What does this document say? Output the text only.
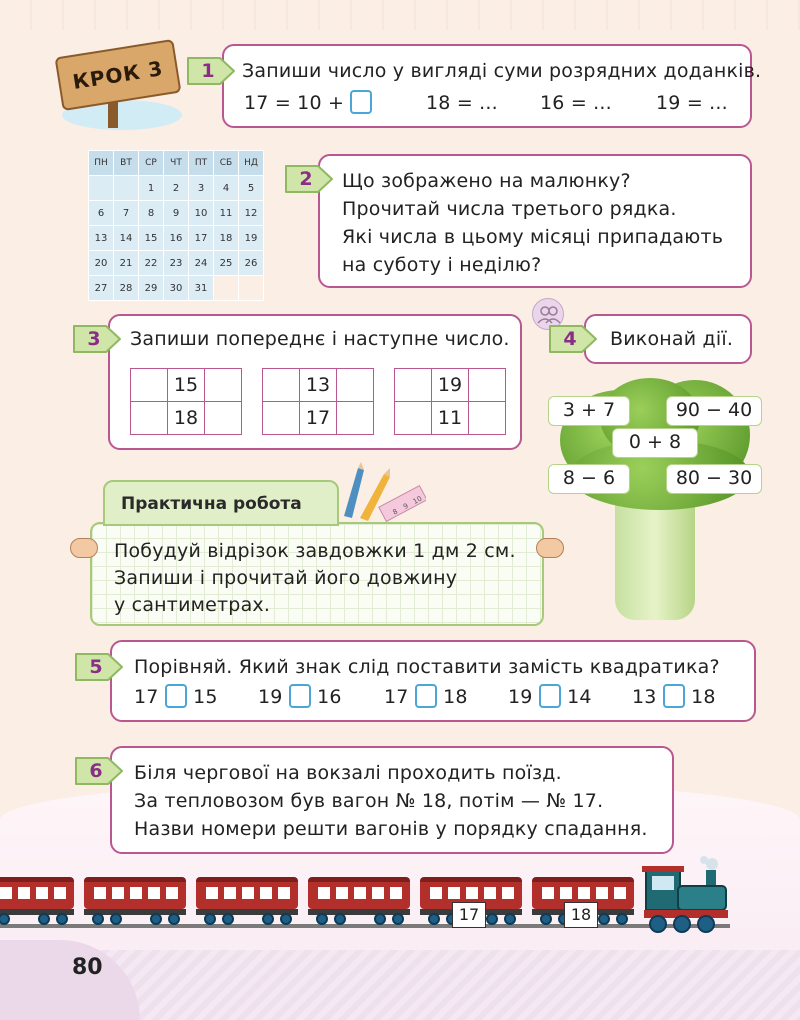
КРОК 3	1	Запиши число у вигляді суми розрядних доданків.
17 = 10 +	18 = ... 16 = ... 19 = ...
ПН	ВТ	СР	ЧТ	ПТ	СБ	НД
		1	2	3	4	5
6	7	8	9	10	11	12
13	14	15	16	17	18	19
20	21	22	23	24	25	26
27	28	29	30	31		
2	Що зображено на малюнку?
Прочитай числа третього рядка.
Які числа в цьому місяці припадають
на суботу і неділю?
3	Запиши попереднє і наступне число.
	15	
	18	
	13	
	17	
	19	
	11	
4	Виконай дії.
3 + 7	90 − 40
0 + 8
8 − 6	80 − 30
8
9
10
Практична робота
Побудуй відрізок завдовжки 1 дм 2 см.
Запиши і прочитай його довжину
у сантиметрах.
5	Порівняй. Який знак слід поставити замість квадратика?
17 15 19 16 17 18 19 14 13 18
6	Біля чергової на вокзалі проходить поїзд.
За тепловозом був вагон № 18, потім — № 17.
Назви номери решти вагонів у порядку спадання.
17	18
80
